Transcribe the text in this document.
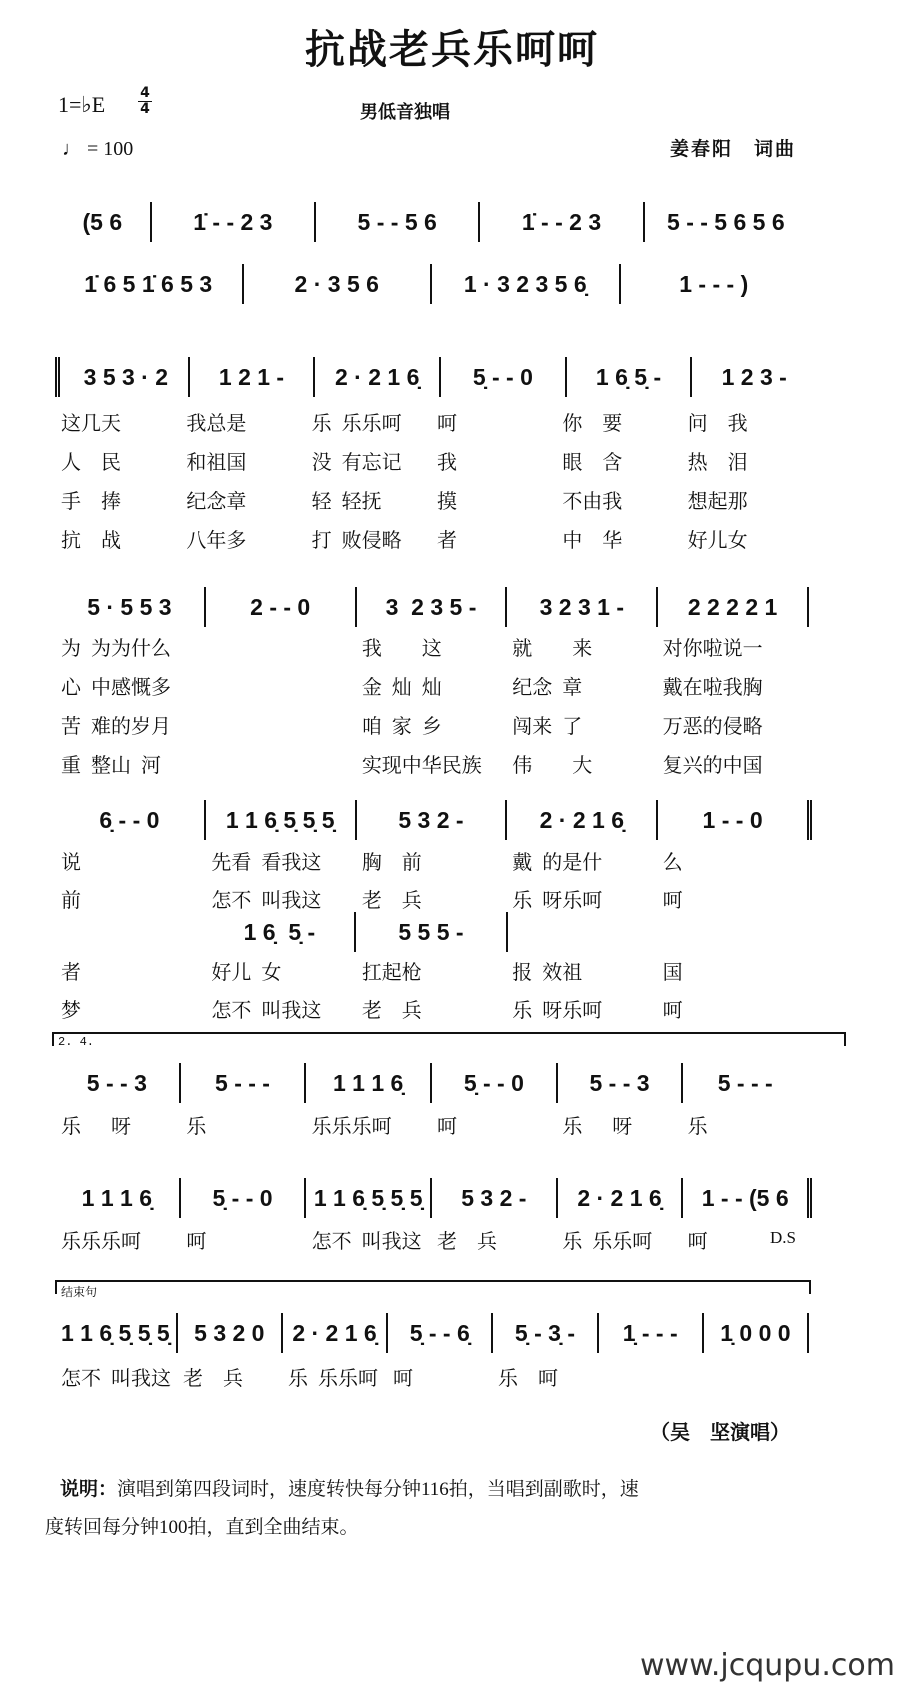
抗战老兵乐呵呵
1=♭E 4
4	男低音独唱
♩ = 100	姜春阳　词曲
(5 6	1̇ - - 2 3	5 - - 5 6	1̇ - - 2 3	5 - - 5 6 5 6
1̇ 6 5 1̇ 6 5 3	2 · 3 5 6	1 · 3 2 3 5 6̣	1 - - - )
3 5 3 · 2	1 2 1 -	2 · 2 1 6̣	5̣ - - 0	1 6̣ 5̣ -	1 2 3 -
这几天	我总是	乐  乐乐呵	呵	你    要	问    我
人    民	和祖国	没  有忘记	我	眼    含	热    泪
手    捧	纪念章	轻  轻抚	摸	不由我	想起那
抗    战	八年多	打  败侵略	者	中    华	好儿女
5 · 5 5 3	2 - - 0	3  2 3 5 -	3 2 3 1 -	2 2 2 2 1
为  为为什么	我        这	就        来	对你啦说一
心  中感慨多	金  灿  灿	纪念  章	戴在啦我胸
苦  难的岁月	咱  家  乡	闯来  了	万恶的侵略
重  整山  河	实现中华民族	伟        大	复兴的中国
6̣ - - 0	1 1 6̣ 5̣ 5̣ 5̣	5 3 2 -	2 · 2 1 6̣	1 - - 0
说	先看  看我这	胸    前	戴  的是什	么
前	怎不  叫我这	老    兵	乐  呀乐呵	呵
1 6̣  5̣ -	5 5 5 -
者	好儿  女	扛起枪	报  效祖	国
梦	怎不  叫我这	老    兵	乐  呀乐呵	呵
2. 4.
5 - - 3	5 - - -	1 1 1 6̣	5̣ - - 0	5 - - 3	5 - - -
乐      呀	乐	乐乐乐呵	呵	乐      呀	乐
1 1 1 6̣	5̣ - - 0	1 1 6̣ 5̣ 5̣ 5̣	5 3 2 -	2 · 2 1 6̣	1 - - (5 6
乐乐乐呵	呵	怎不  叫我这 老    兵	乐  乐乐呵	呵
结束句
1 1 6̣ 5̣ 5̣ 5̣	5 3 2 0	2 · 2 1 6̣	5̣ - - 6̣	5̣ - 3̣ -	1̣ - - -	1̣ 0 0 0
怎不  叫我这 老    兵	乐  乐乐呵 呵	乐    呵
D.S
（吴　坚演唱）
说明：演唱到第四段词时，速度转快每分钟116拍，当唱到副歌时，速
度转回每分钟100拍，直到全曲结束。
www.jcqupu.com
